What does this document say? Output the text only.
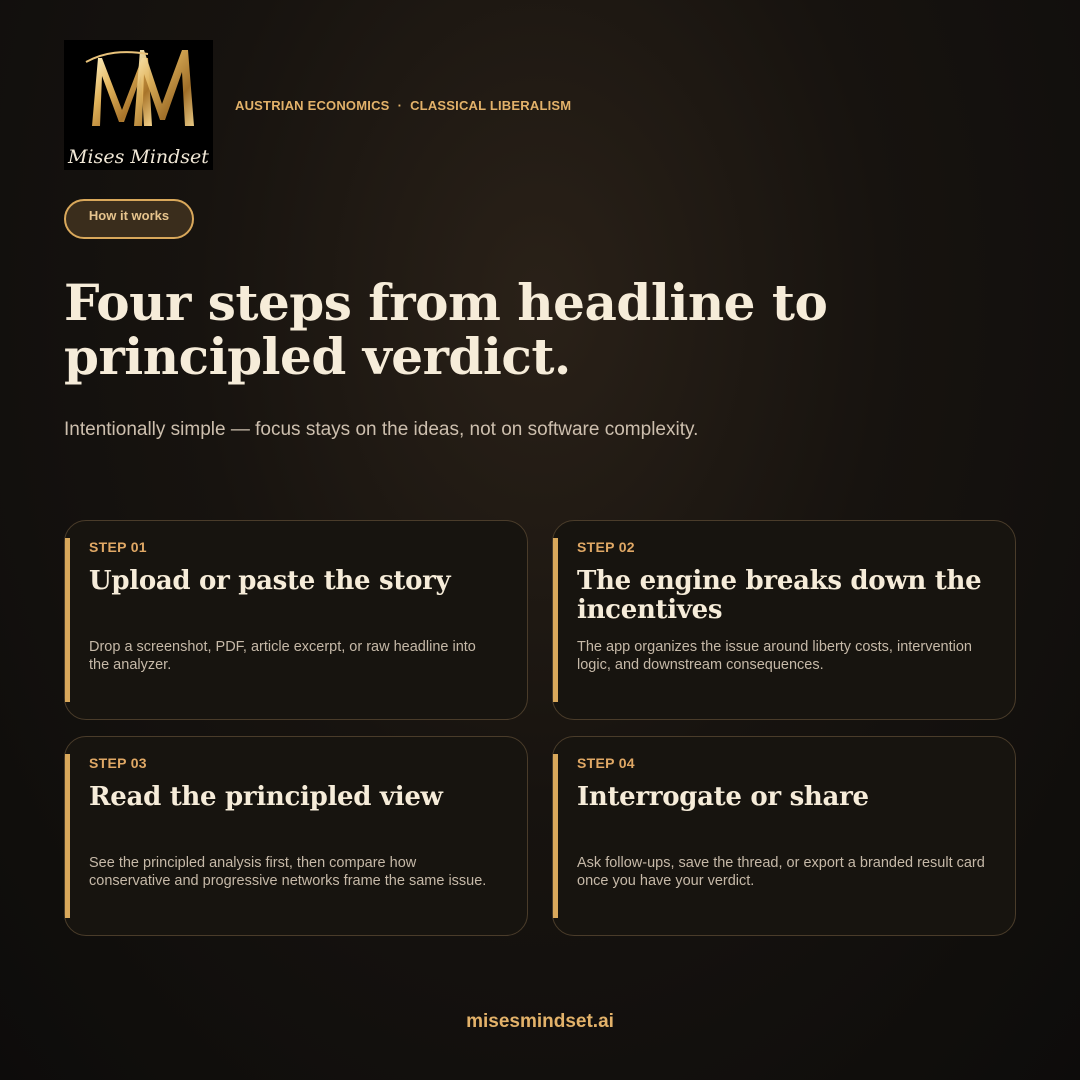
Mises Mindset
AUSTRIAN ECONOMICS · CLASSICAL LIBERALISM
How it works
Four steps from headline to principled verdict.

Intentionally simple — focus stays on the ideas, not on software complexity.

STEP 01
Upload or paste the story
Drop a screenshot, PDF, article excerpt, or raw headline into the analyzer.
STEP 02
The engine breaks down the incentives
The app organizes the issue around liberty costs, intervention logic, and downstream consequences.
STEP 03
Read the principled view
See the principled analysis first, then compare how conservative and progressive networks frame the same issue.
STEP 04
Interrogate or share
Ask follow-ups, save the thread, or export a branded result card once you have your verdict.
misesmindset.ai
